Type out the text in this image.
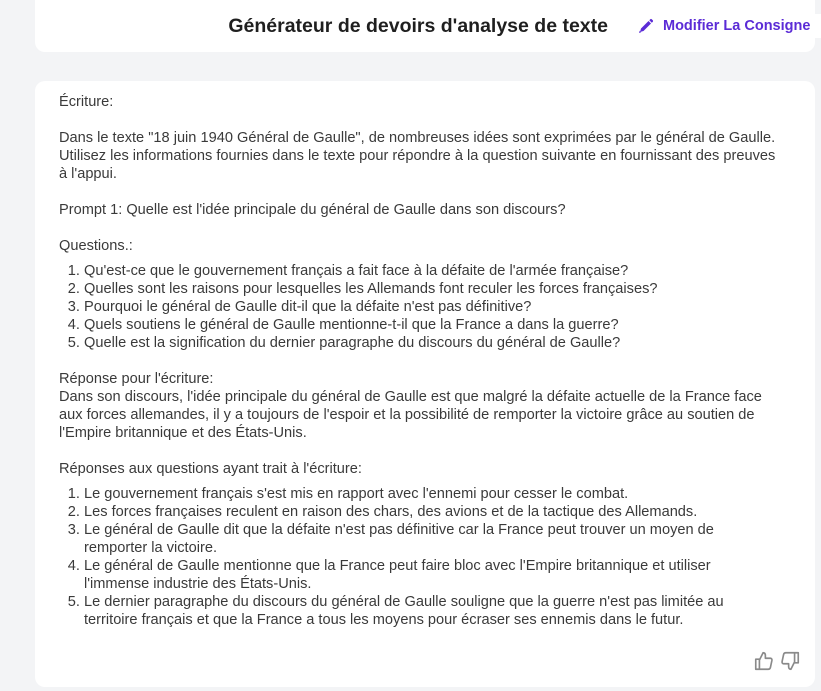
Générateur de devoirs d'analyse de texte	Modifier La Consigne

Écriture:

Dans le texte "18 juin 1940 Général de Gaulle", de nombreuses idées sont exprimées par le général de Gaulle. Utilisez les informations fournies dans le texte pour répondre à la question suivante en fournissant des preuves à l'appui.

Prompt 1: Quelle est l'idée principale du général de Gaulle dans son discours?

Questions.:
1. Qu'est-ce que le gouvernement français a fait face à la défaite de l'armée française?
2. Quelles sont les raisons pour lesquelles les Allemands font reculer les forces françaises?
3. Pourquoi le général de Gaulle dit-il que la défaite n'est pas définitive?
4. Quels soutiens le général de Gaulle mentionne-t-il que la France a dans la guerre?
5. Quelle est la signification du dernier paragraphe du discours du général de Gaulle?
Réponse pour l'écriture:

Dans son discours, l'idée principale du général de Gaulle est que malgré la défaite actuelle de la France face aux forces allemandes, il y a toujours de l'espoir et la possibilité de remporter la victoire grâce au soutien de l'Empire britannique et des États-Unis.

Réponses aux questions ayant trait à l'écriture:
1. Le gouvernement français s'est mis en rapport avec l'ennemi pour cesser le combat.
2. Les forces françaises reculent en raison des chars, des avions et de la tactique des Allemands.
3. Le général de Gaulle dit que la défaite n'est pas définitive car la France peut trouver un moyen de remporter la victoire.
4. Le général de Gaulle mentionne que la France peut faire bloc avec l'Empire britannique et utiliser l'immense industrie des États-Unis.
5. Le dernier paragraphe du discours du général de Gaulle souligne que la guerre n'est pas limitée au territoire français et que la France a tous les moyens pour écraser ses ennemis dans le futur.
